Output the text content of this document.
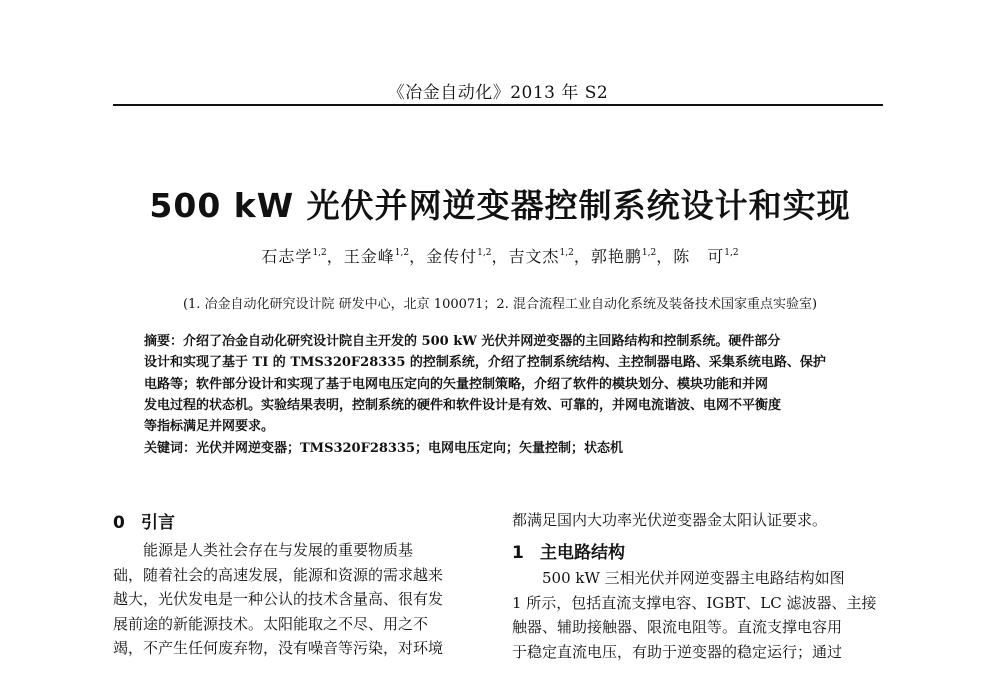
《冶金自动化》2013 年 S2
500 kW 光伏并网逆变器控制系统设计和实现
石志学$^{1,2}$，王金峰$^{1,2}$，金传付$^{1,2}$，吉文杰$^{1,2}$，郭艳鹏$^{1,2}$，陈　可$^{1,2}$
(1. 冶金自动化研究设计院 研发中心，北京 100071；2. 混合流程工业自动化系统及装备技术国家重点实验室)
摘要：介绍了冶金自动化研究设计院自主开发的 500 kW 光伏并网逆变器的主回路结构和控制系统。硬件部分
设计和实现了基于 TI 的 TMS320F28335 的控制系统，介绍了控制系统结构、主控制器电路、采集系统电路、保护
电路等；软件部分设计和实现了基于电网电压定向的矢量控制策略，介绍了软件的模块划分、模块功能和并网
发电过程的状态机。实验结果表明，控制系统的硬件和软件设计是有效、可靠的，并网电流谐波、电网不平衡度
等指标满足并网要求。
关键词：光伏并网逆变器；TMS320F28335；电网电压定向；矢量控制；状态机
0 引言
能源是人类社会存在与发展的重要物质基
础，随着社会的高速发展，能源和资源的需求越来
越大，光伏发电是一种公认的技术含量高、很有发
展前途的新能源技术。太阳能取之不尽、用之不
竭，不产生任何废弃物，没有噪音等污染，对环境
都满足国内大功率光伏逆变器金太阳认证要求。
1 主电路结构
500 kW 三相光伏并网逆变器主电路结构如图
1 所示，包括直流支撑电容、IGBT、LC 滤波器、主接
触器、辅助接触器、限流电阻等。直流支撑电容用
于稳定直流电压，有助于逆变器的稳定运行；通过
